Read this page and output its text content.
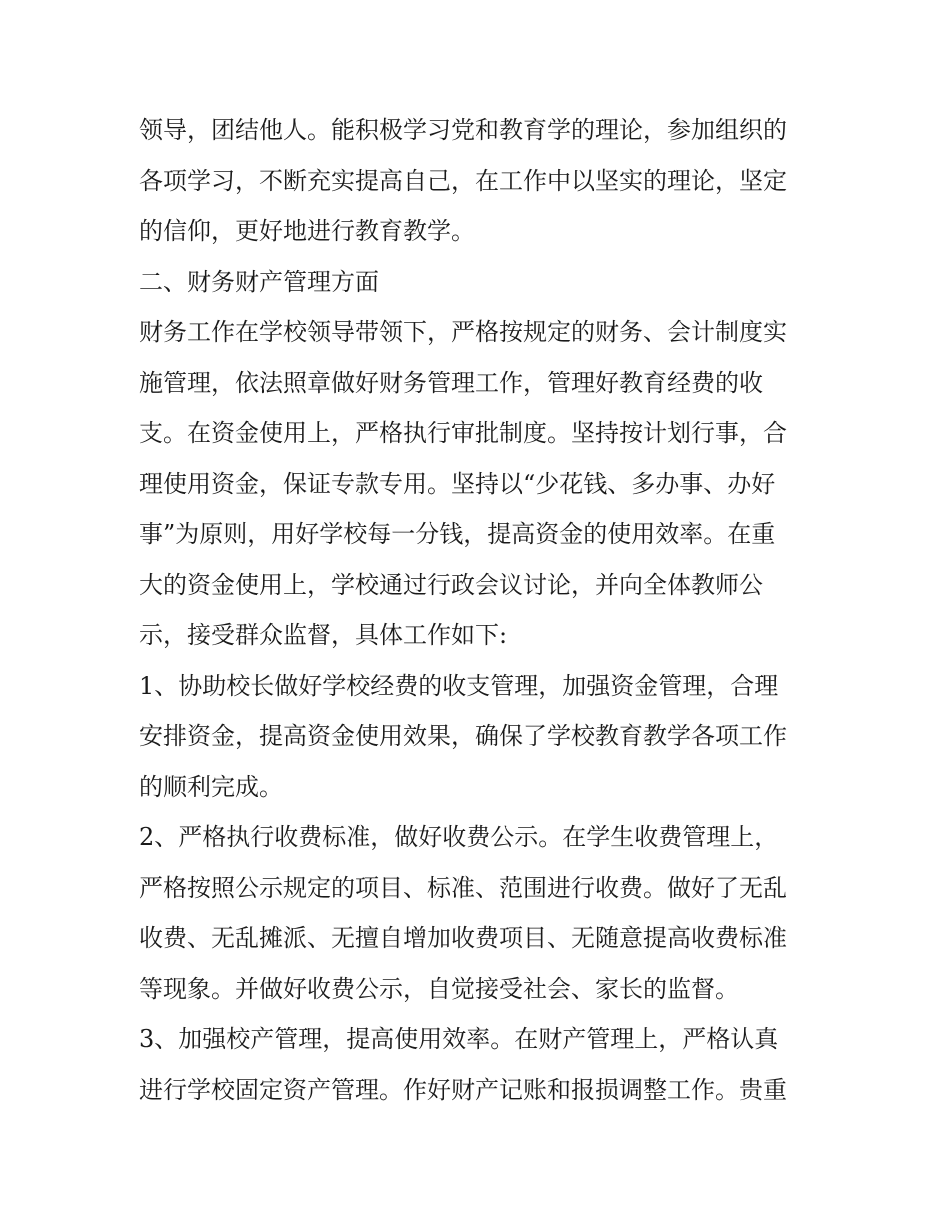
领导，团结他人。能积极学习党和教育学的理论，参加组织的
各项学习，不断充实提高自己，在工作中以坚实的理论，坚定
的信仰，更好地进行教育教学。
二、财务财产管理方面
财务工作在学校领导带领下，严格按规定的财务、会计制度实
施管理，依法照章做好财务管理工作，管理好教育经费的收
支。在资金使用上，严格执行审批制度。坚持按计划行事，合
理使用资金，保证专款专用。坚持以“少花钱、多办事、办好
事”为原则，用好学校每一分钱，提高资金的使用效率。在重
大的资金使用上，学校通过行政会议讨论，并向全体教师公
示，接受群众监督，具体工作如下:
1、协助校长做好学校经费的收支管理，加强资金管理，合理
安排资金，提高资金使用效果，确保了学校教育教学各项工作
的顺利完成。
2、严格执行收费标准，做好收费公示。在学生收费管理上，
严格按照公示规定的项目、标准、范围进行收费。做好了无乱
收费、无乱摊派、无擅自增加收费项目、无随意提高收费标准
等现象。并做好收费公示，自觉接受社会、家长的监督。
3、加强校产管理，提高使用效率。在财产管理上，严格认真
进行学校固定资产管理。作好财产记账和报损调整工作。贵重
